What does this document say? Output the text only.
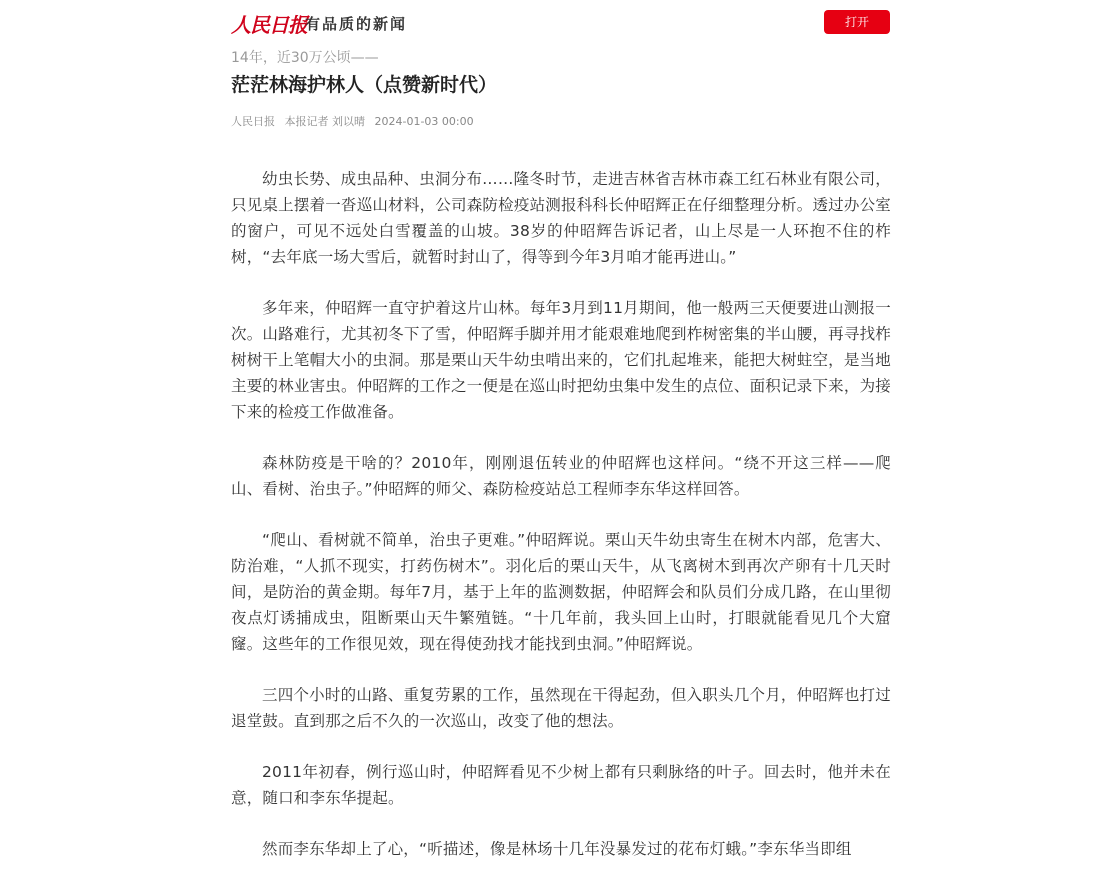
人民日报
有品质的新闻	打开

14年，近30万公顷——

茫茫林海护林人（点赞新时代）
人民日报 本报记者 刘以晴 2024-01-03 00:00

幼虫长势、成虫品种、虫洞分布……隆冬时节，走进吉林省吉林市森工红石林业有限公司，只见桌上摆着一沓巡山材料，公司森防检疫站测报科科长仲昭辉正在仔细整理分析。透过办公室的窗户，可见不远处白雪覆盖的山坡。38岁的仲昭辉告诉记者，山上尽是一人环抱不住的柞树，“去年底一场大雪后，就暂时封山了，得等到今年3月咱才能再进山。”

多年来，仲昭辉一直守护着这片山林。每年3月到11月期间，他一般两三天便要进山测报一次。山路难行，尤其初冬下了雪，仲昭辉手脚并用才能艰难地爬到柞树密集的半山腰，再寻找柞树树干上笔帽大小的虫洞。那是栗山天牛幼虫啃出来的，它们扎起堆来，能把大树蛀空，是当地主要的林业害虫。仲昭辉的工作之一便是在巡山时把幼虫集中发生的点位、面积记录下来，为接下来的检疫工作做准备。

森林防疫是干啥的？2010年，刚刚退伍转业的仲昭辉也这样问。“绕不开这三样——爬山、看树、治虫子。”仲昭辉的师父、森防检疫站总工程师李东华这样回答。

“爬山、看树就不简单，治虫子更难。”仲昭辉说。栗山天牛幼虫寄生在树木内部，危害大、防治难，“人抓不现实，打药伤树木”。羽化后的栗山天牛，从飞离树木到再次产卵有十几天时间，是防治的黄金期。每年7月，基于上年的监测数据，仲昭辉会和队员们分成几路，在山里彻夜点灯诱捕成虫，阻断栗山天牛繁殖链。“十几年前，我头回上山时，打眼就能看见几个大窟窿。这些年的工作很见效，现在得使劲找才能找到虫洞。”仲昭辉说。

三四个小时的山路、重复劳累的工作，虽然现在干得起劲，但入职头几个月，仲昭辉也打过退堂鼓。直到那之后不久的一次巡山，改变了他的想法。

2011年初春，例行巡山时，仲昭辉看见不少树上都有只剩脉络的叶子。回去时，他并未在意，随口和李东华提起。

然而李东华却上了心，“听描述，像是林场十几年没暴发过的花布灯蛾。”李东华当即组
